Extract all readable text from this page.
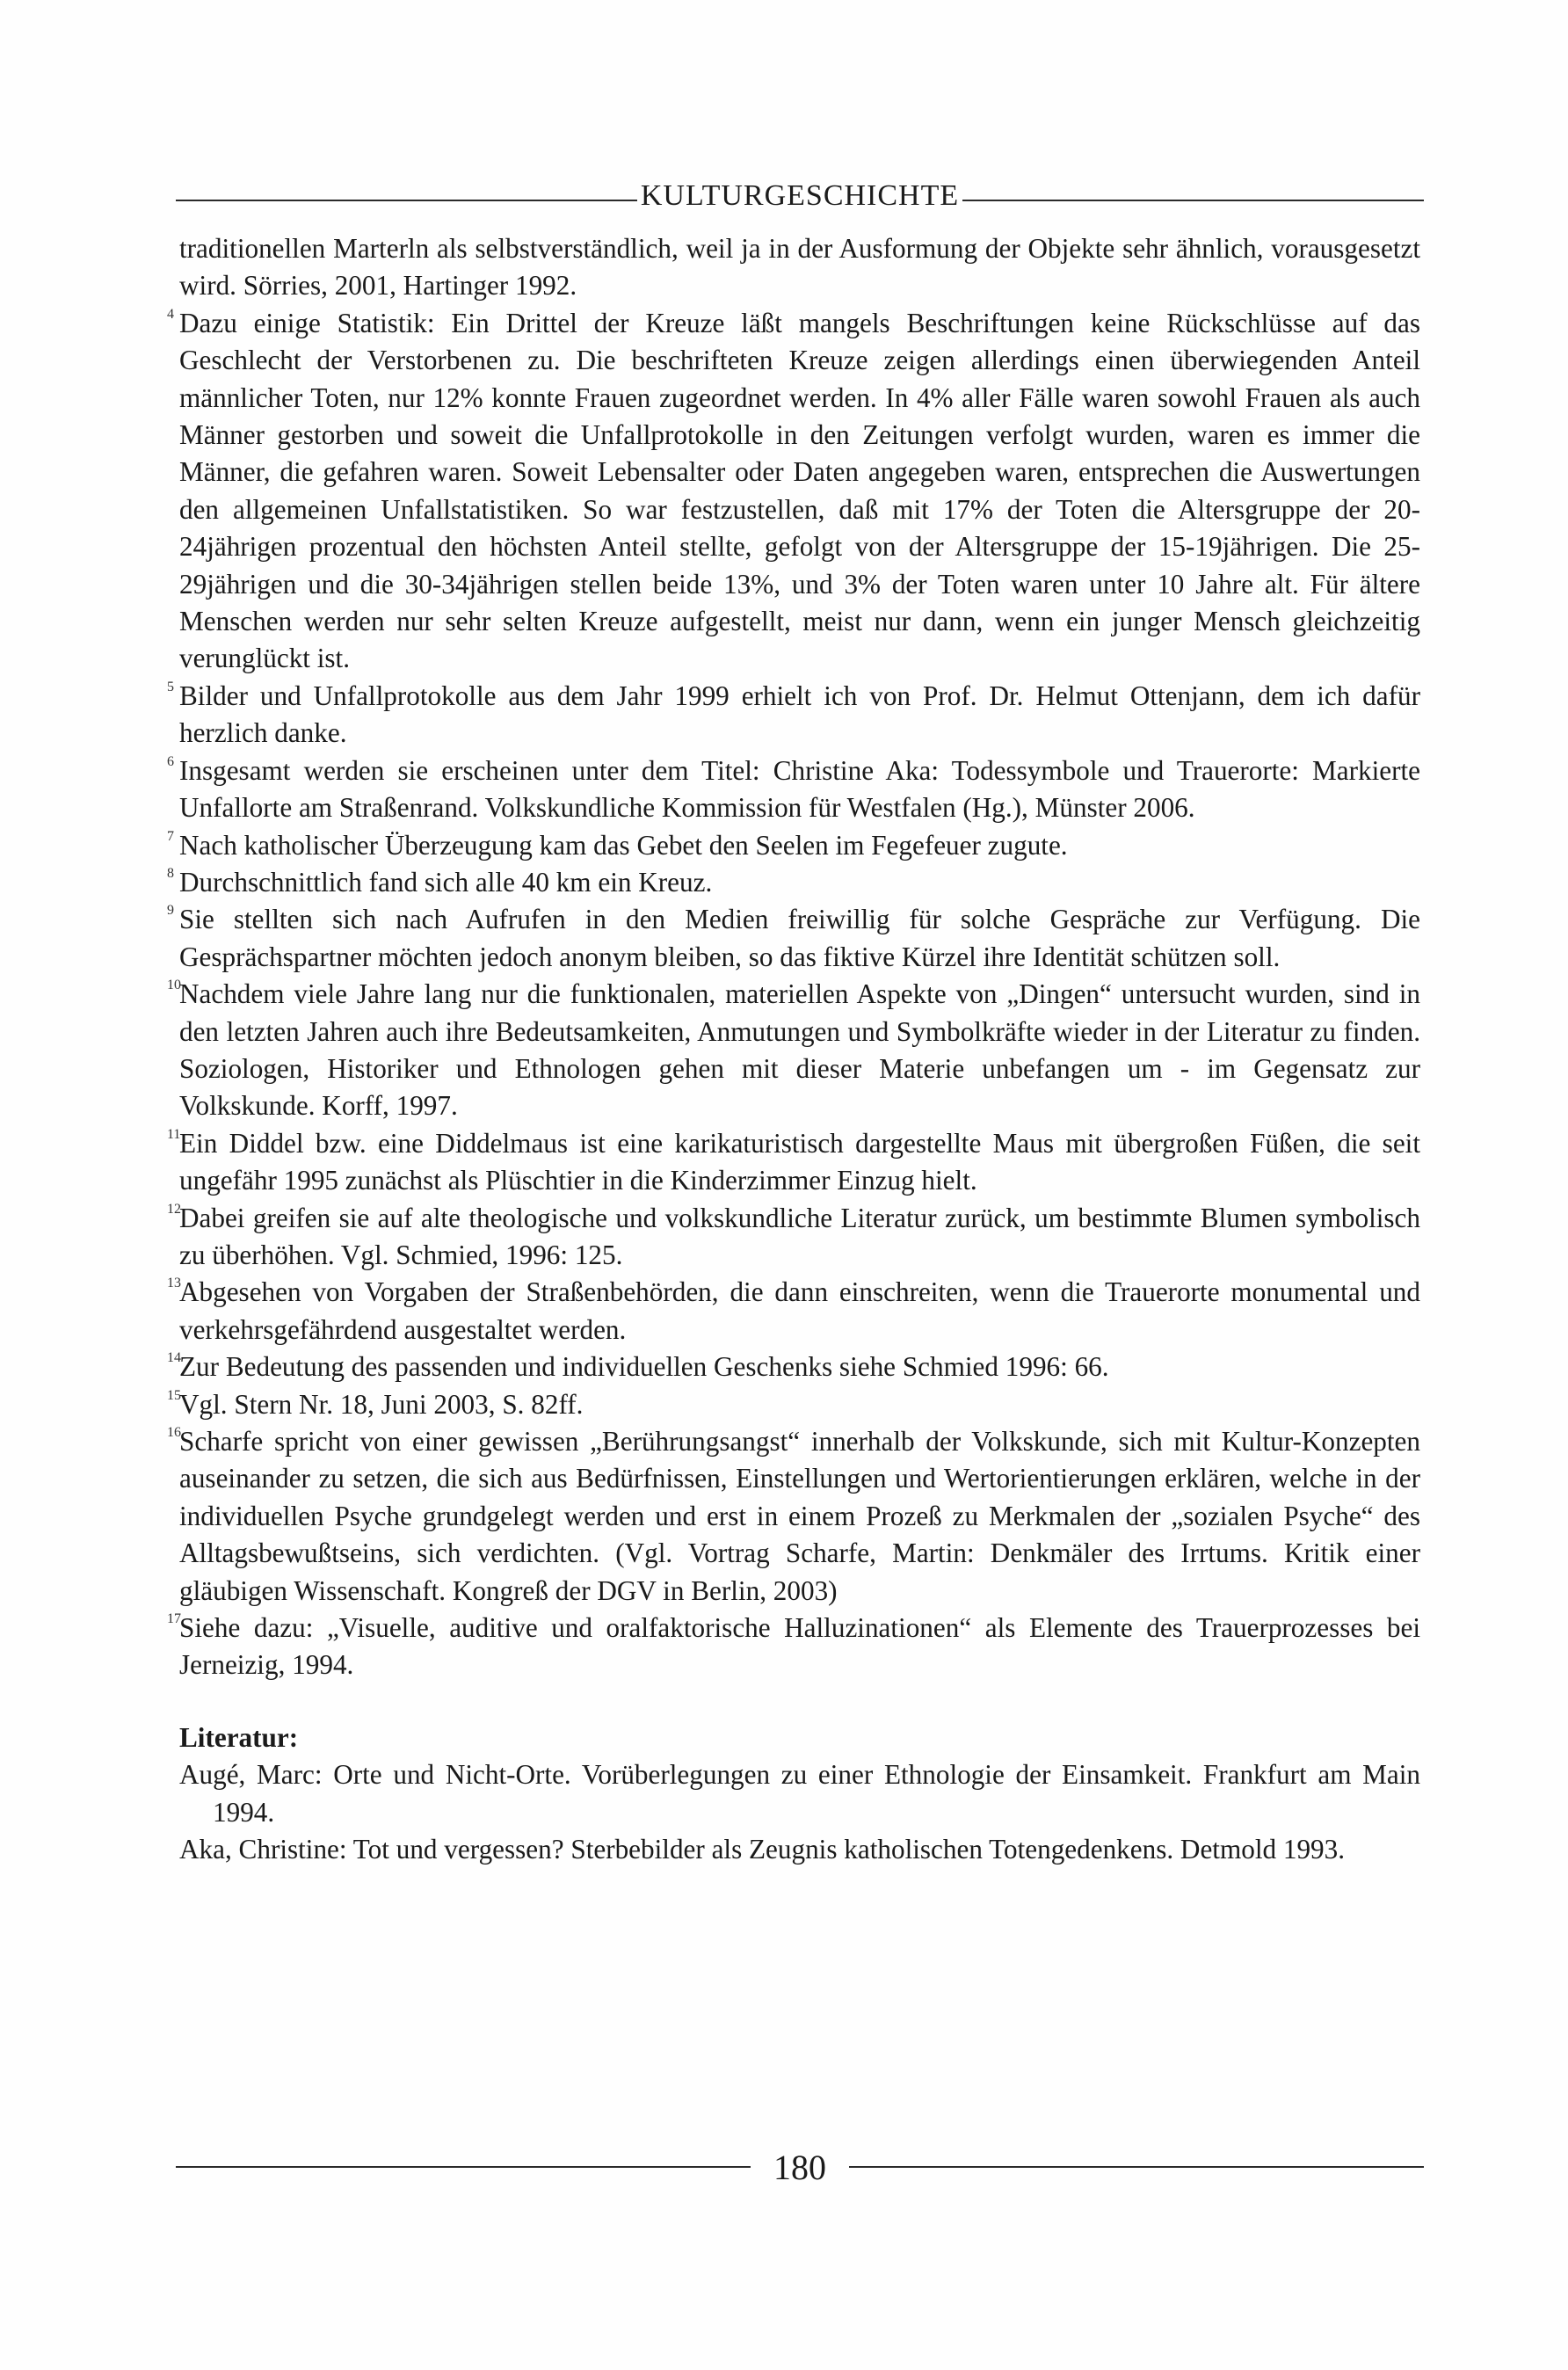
KULTURGESCHICHTE

traditionellen Marterln als selbstverständlich, weil ja in der Ausformung der Objekte sehr ähnlich, vorausgesetzt wird. Sörries, 2001, Hartinger 1992.

4 Dazu einige Statistik: Ein Drittel der Kreuze läßt mangels Beschriftungen keine Rückschlüsse auf das Geschlecht der Verstorbenen zu. Die beschrifteten Kreuze zeigen allerdings einen überwiegenden Anteil männlicher Toten, nur 12% konnte Frauen zugeordnet werden. In 4% aller Fälle waren sowohl Frauen als auch Männer gestorben und soweit die Unfallprotokolle in den Zeitungen verfolgt wurden, waren es immer die Männer, die gefahren waren. Soweit Lebensalter oder Daten angegeben waren, entsprechen die Auswertungen den allgemeinen Unfallstatistiken. So war festzustellen, daß mit 17% der Toten die Altersgruppe der 20-24jährigen prozentual den höchsten Anteil stellte, gefolgt von der Altersgruppe der 15-19jährigen. Die 25-29jährigen und die 30-34jährigen stellen beide 13%, und 3% der Toten waren unter 10 Jahre alt. Für ältere Menschen werden nur sehr selten Kreuze aufgestellt, meist nur dann, wenn ein junger Mensch gleichzeitig verunglückt ist.

5 Bilder und Unfallprotokolle aus dem Jahr 1999 erhielt ich von Prof. Dr. Helmut Ottenjann, dem ich dafür herzlich danke.

6 Insgesamt werden sie erscheinen unter dem Titel: Christine Aka: Todessymbole und Trauerorte: Markierte Unfallorte am Straßenrand. Volkskundliche Kommission für Westfalen (Hg.), Münster 2006.

7 Nach katholischer Überzeugung kam das Gebet den Seelen im Fegefeuer zugute.

8 Durchschnittlich fand sich alle 40 km ein Kreuz.

9 Sie stellten sich nach Aufrufen in den Medien freiwillig für solche Gespräche zur Verfügung. Die Gesprächspartner möchten jedoch anonym bleiben, so das fiktive Kürzel ihre Identität schützen soll.

10
Nachdem viele Jahre lang nur die funktionalen, materiellen Aspekte von „Dingen“ untersucht wurden, sind in den letzten Jahren auch ihre Bedeutsamkeiten, Anmutungen und Symbolkräfte wieder in der Literatur zu finden. Soziologen, Historiker und Ethnologen gehen mit dieser Materie unbefangen um - im Gegensatz zur Volkskunde. Korff, 1997.

11
Ein Diddel bzw. eine Diddelmaus ist eine karikaturistisch dargestellte Maus mit übergroßen Füßen, die seit ungefähr 1995 zunächst als Plüschtier in die Kinderzimmer Einzug hielt.

12
Dabei greifen sie auf alte theologische und volkskundliche Literatur zurück, um bestimmte Blumen symbolisch zu überhöhen. Vgl. Schmied, 1996: 125.

13
Abgesehen von Vorgaben der Straßenbehörden, die dann einschreiten, wenn die Trauerorte monumental und verkehrsgefährdend ausgestaltet werden.

14
Zur Bedeutung des passenden und individuellen Geschenks siehe Schmied 1996: 66.

15
Vgl. Stern Nr. 18, Juni 2003, S. 82ff.

16
Scharfe spricht von einer gewissen „Berührungsangst“ innerhalb der Volkskunde, sich mit Kultur-Konzepten auseinander zu setzen, die sich aus Bedürfnissen, Einstellungen und Wertorientierungen erklären, welche in der individuellen Psyche grundgelegt werden und erst in einem Prozeß zu Merkmalen der „sozialen Psyche“ des Alltagsbewußtseins, sich verdichten. (Vgl. Vortrag Scharfe, Martin: Denkmäler des Irrtums. Kritik einer gläubigen Wissenschaft. Kongreß der DGV in Berlin, 2003)

17
Siehe dazu: „Visuelle, auditive und oralfaktorische Halluzinationen“ als Elemente des Trauerprozesses bei Jerneizig, 1994.

Literatur:

Augé, Marc: Orte und Nicht-Orte. Vorüberlegungen zu einer Ethnologie der Einsamkeit. Frankfurt am Main 1994.

Aka, Christine: Tot und vergessen? Sterbebilder als Zeugnis katholischen Totengedenkens. Detmold 1993.

180
